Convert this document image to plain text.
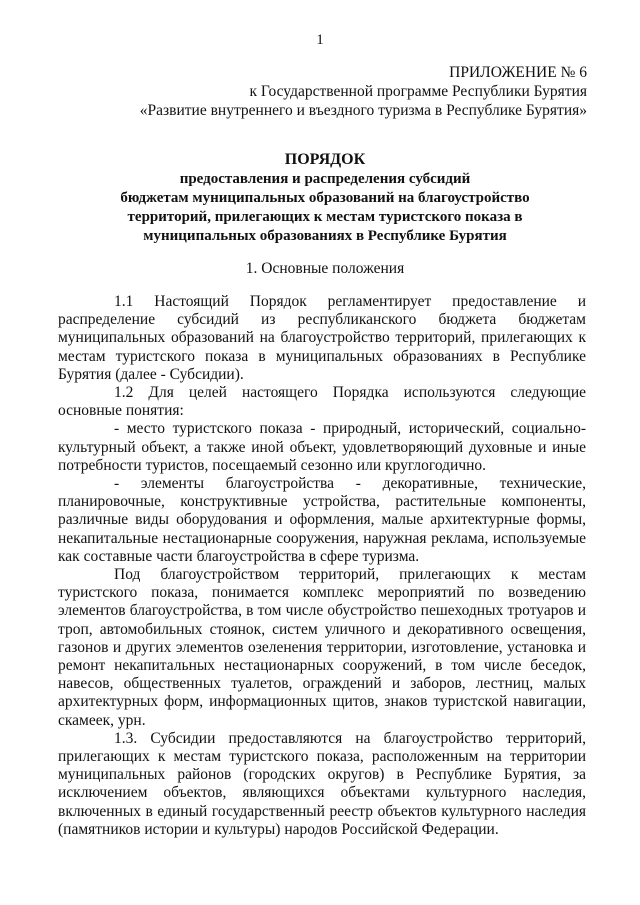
1
ПРИЛОЖЕНИЕ № 6
к Государственной программе Республики Бурятия
«Развитие внутреннего и въездного туризма в Республике Бурятия»
ПОРЯДОК
предоставления и распределения субсидий
бюджетам муниципальных образований на благоустройство
территорий, прилегающих к местам туристского показа в
муниципальных образованиях в Республике Бурятия
1. Основные положения

1.1 Настоящий Порядок регламентирует предоставление и распределение субсидий из республиканского бюджета бюджетам муниципальных образований на благоустройство территорий, прилегающих к местам туристского показа в муниципальных образованиях в Республике Бурятия (далее - Субсидии).

1.2 Для целей настоящего Порядка используются следующие основные понятия:

- место туристского показа - природный, исторический, социально-культурный объект, а также иной объект, удовлетворяющий духовные и иные потребности туристов, посещаемый сезонно или круглогодично.

- элементы благоустройства - декоративные, технические, планировочные, конструктивные устройства, растительные компоненты, различные виды оборудования и оформления, малые архитектурные формы, некапитальные нестационарные сооружения, наружная реклама, используемые как составные части благоустройства в сфере туризма.

Под благоустройством территорий, прилегающих к местам туристского показа, понимается комплекс мероприятий по возведению элементов благоустройства, в том числе обустройство пешеходных тротуаров и троп, автомобильных стоянок, систем уличного и декоративного освещения, газонов и других элементов озеленения территории, изготовление, установка и ремонт некапитальных нестационарных сооружений, в том числе беседок, навесов, общественных туалетов, ограждений и заборов, лестниц, малых архитектурных форм, информационных щитов, знаков туристской навигации, скамеек, урн.

1.3. Субсидии предоставляются на благоустройство территорий, прилегающих к местам туристского показа, расположенным на территории муниципальных районов (городских округов) в Республике Бурятия, за исключением объектов, являющихся объектами культурного наследия, включенных в единый государственный реестр объектов культурного наследия (памятников истории и культуры) народов Российской Федерации.
